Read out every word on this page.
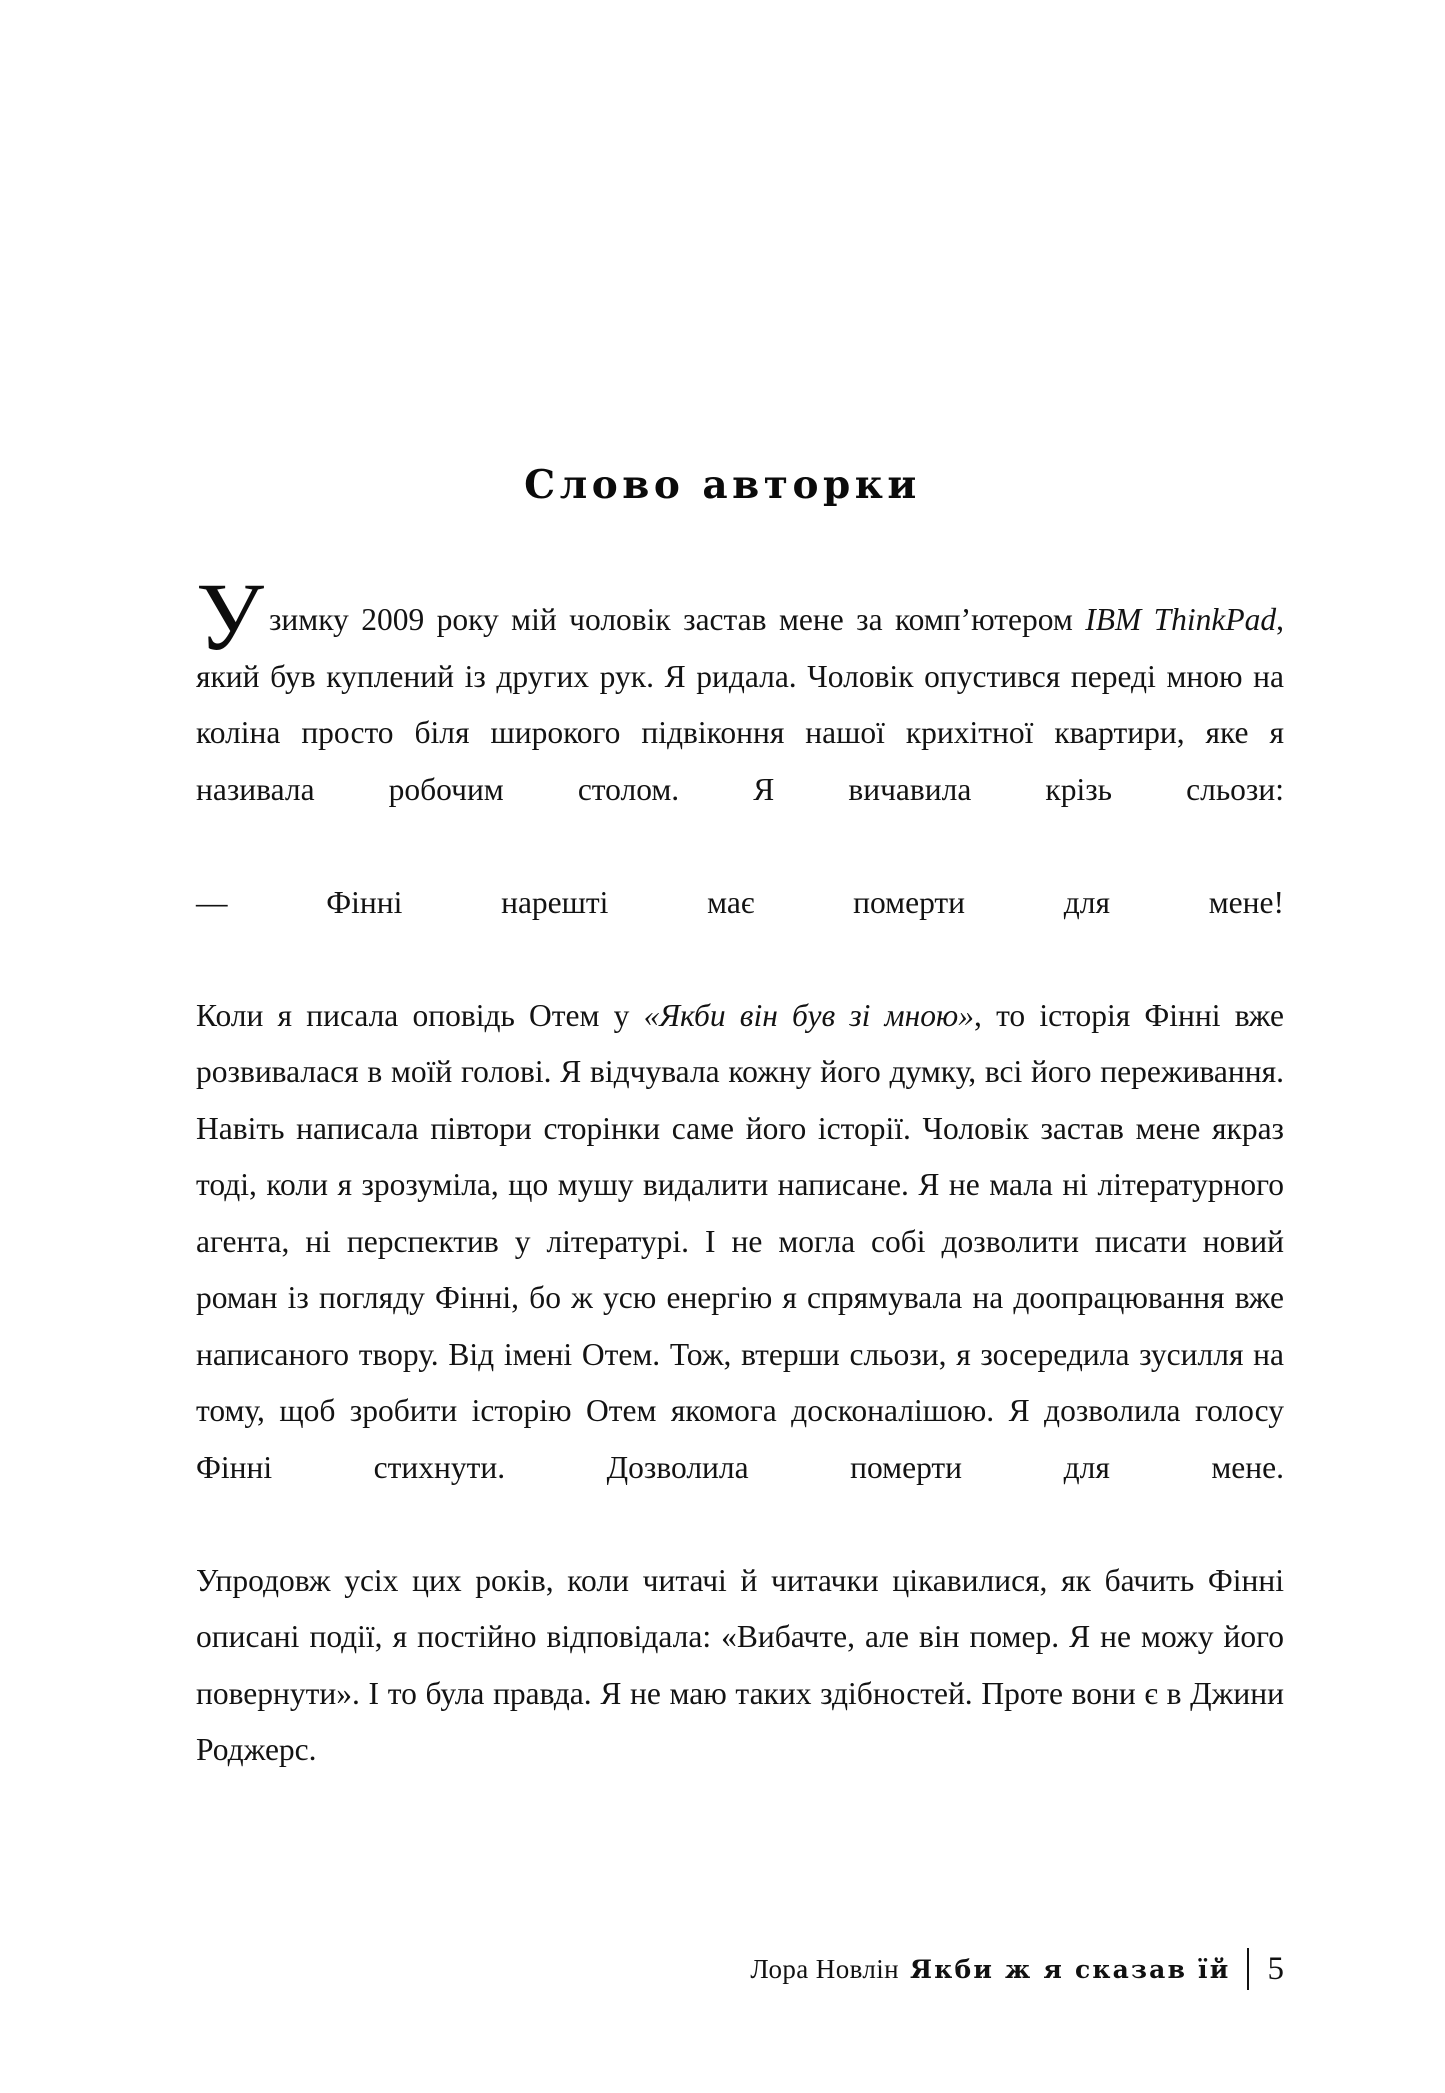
Слово авторки

Узимку 2009 року мій чоловік застав мене за комп’ютером IBM ThinkPad, який був куплений із других рук. Я ридала. Чоловік опустився переді мною на коліна просто біля широкого підвіконня нашої крихітної квартири, яке я називала робочим столом. Я вичавила крізь сльози:

— Фінні нарешті має померти для мене!

Коли я писала оповідь Отем у «Якби він був зі мною», то історія Фінні вже розвивалася в моїй голові. Я відчувала кожну його думку, всі його переживання. Навіть написала півтори сторінки саме його історії. Чоловік застав мене якраз тоді, коли я зрозуміла, що мушу видалити написане. Я не мала ні літературного агента, ні перспектив у літературі. І не могла собі дозволити писати новий роман із погляду Фінні, бо ж усю енергію я спрямувала на доопрацювання вже написаного твору. Від імені Отем. Тож, втерши сльози, я зосередила зусилля на тому, щоб зробити історію Отем якомога досконалішою. Я дозволила голосу Фінні стихнути. Дозволила померти для мене.

Упродовж усіх цих років, коли читачі й читачки цікавилися, як бачить Фінні описані події, я постійно відповідала: «Вибачте, але він помер. Я не можу його повернути». І то була правда. Я не маю таких здібностей. Проте вони є в Джини Роджерс.

Лора Новлін Якби ж я сказав їй 5
